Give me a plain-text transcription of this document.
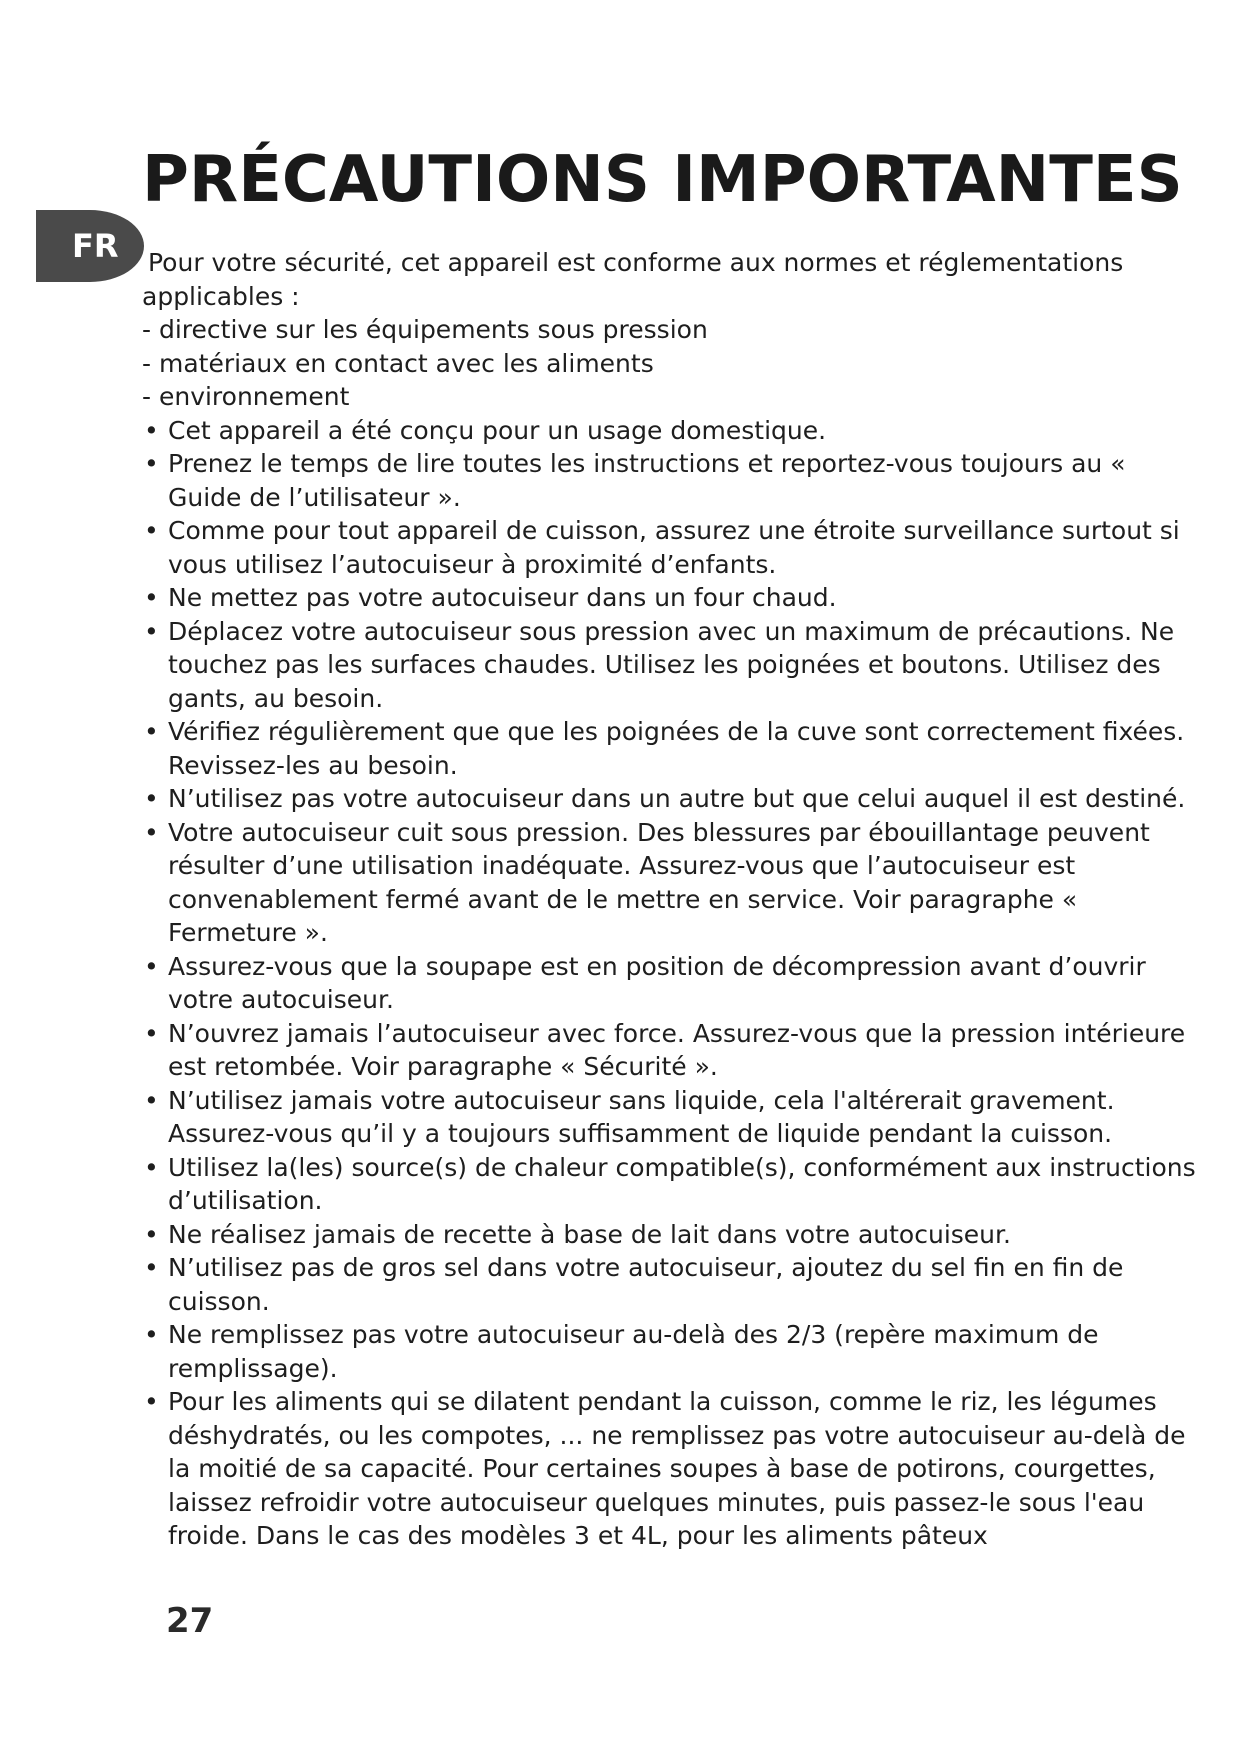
PRÉCAUTIONS IMPORTANTES
FR	Pour votre sécurité, cet appareil est conforme aux normes et réglementations
applicables :

- directive sur les équipements sous pression

- matériaux en contact avec les aliments

- environnement

• Cet appareil a été conçu pour un usage domestique.
• Prenez le temps de lire toutes les instructions et reportez-vous toujours au « Guide de l’utilisateur ».
• Comme pour tout appareil de cuisson, assurez une étroite surveillance surtout si vous utilisez l’autocuiseur à proximité d’enfants.
• Ne mettez pas votre autocuiseur dans un four chaud.
• Déplacez votre autocuiseur sous pression avec un maximum de précautions. Ne touchez pas les surfaces chaudes. Utilisez les poignées et boutons. Utilisez des gants, au besoin.
• Vérifiez régulièrement que que les poignées de la cuve sont correctement fixées. Revissez-les au besoin.
• N’utilisez pas votre autocuiseur dans un autre but que celui auquel il est destiné.
• Votre autocuiseur cuit sous pression. Des blessures par ébouillantage peuvent résulter d’une utilisation inadéquate. Assurez-vous que l’autocuiseur est convenablement fermé avant de le mettre en service. Voir paragraphe « Fermeture ».
• Assurez-vous que la soupape est en position de décompression avant d’ouvrir votre autocuiseur.
• N’ouvrez jamais l’autocuiseur avec force. Assurez-vous que la pression intérieure est retombée. Voir paragraphe « Sécurité ».
• N’utilisez jamais votre autocuiseur sans liquide, cela l'altérerait gravement. Assurez-vous qu’il y a toujours suffisamment de liquide pendant la cuisson.
• Utilisez la(les) source(s) de chaleur compatible(s), conformément aux instructions d’utilisation.
• Ne réalisez jamais de recette à base de lait dans votre autocuiseur.
• N’utilisez pas de gros sel dans votre autocuiseur, ajoutez du sel fin en fin de cuisson.
• Ne remplissez pas votre autocuiseur au-delà des 2/3 (repère maximum de remplissage).
• Pour les aliments qui se dilatent pendant la cuisson, comme le riz, les légumes déshydratés, ou les compotes, ... ne remplissez pas votre autocuiseur au-delà de la moitié de sa capacité. Pour certaines soupes à base de potirons, courgettes, laissez refroidir votre autocuiseur quelques minutes, puis passez-le sous l'eau froide. Dans le cas des modèles 3 et 4L, pour les aliments pâteux
27
